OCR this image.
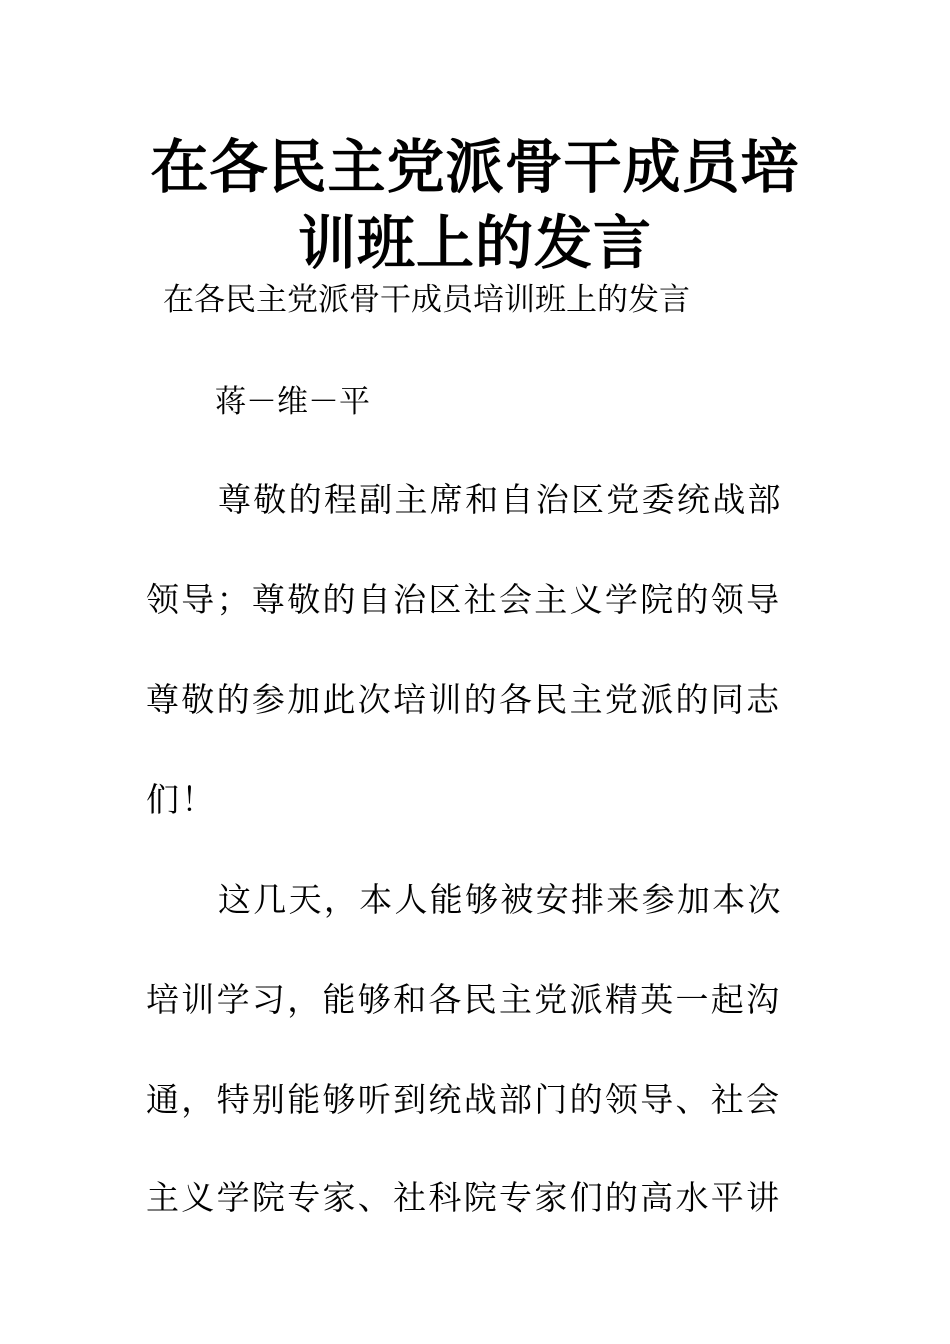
在各民主党派骨干成员培
训班上的发言
在各民主党派骨干成员培训班上的发言
蒋－维－平
尊敬的程副主席和自治区党委统战部
领导；尊敬的自治区社会主义学院的领导
尊敬的参加此次培训的各民主党派的同志
们！
这几天，本人能够被安排来参加本次
培训学习，能够和各民主党派精英一起沟
通，特别能够听到统战部门的领导、社会
主义学院专家、社科院专家们的高水平讲
